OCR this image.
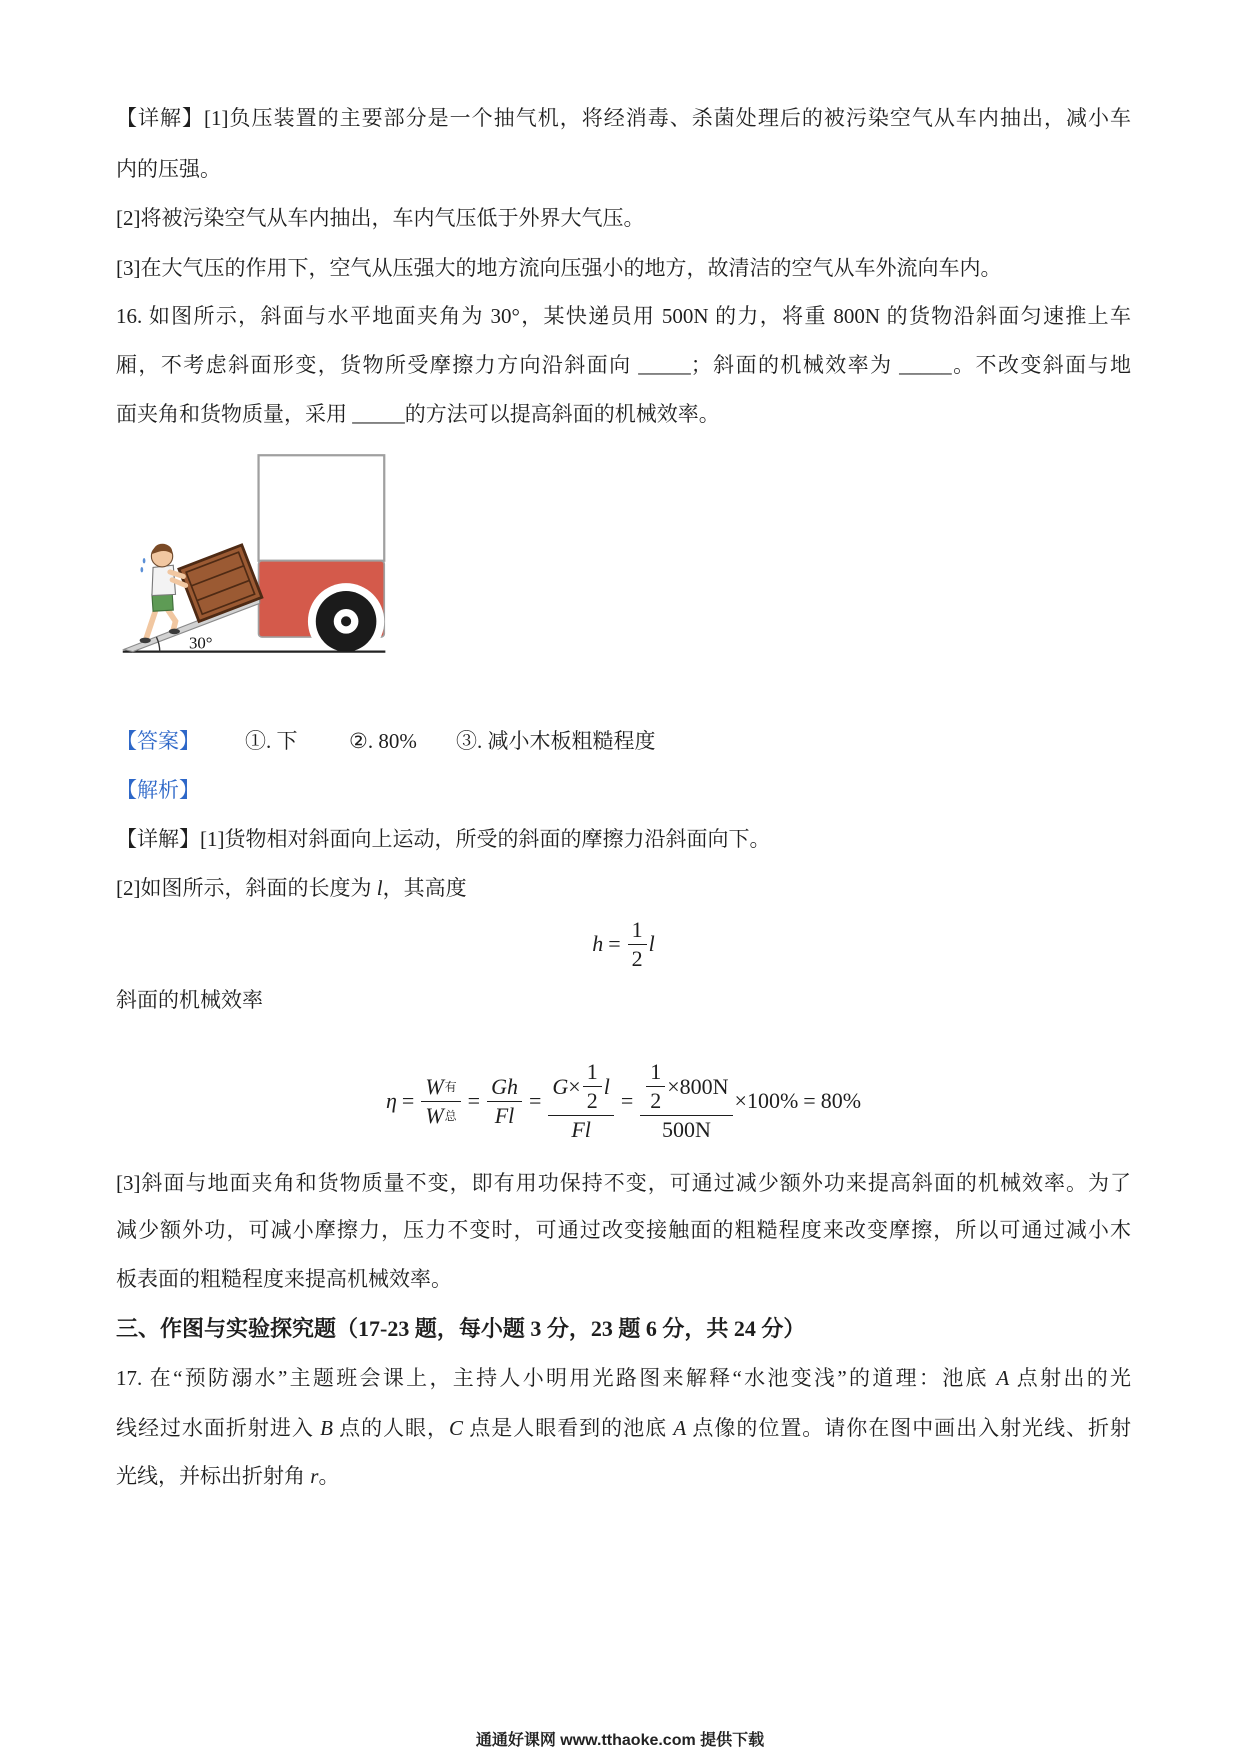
【详解】[1]负压装置的主要部分是一个抽气机，将经消毒、杀菌处理后的被污染空气从车内抽出，减小车
内的压强。
[2]将被污染空气从车内抽出，车内气压低于外界大气压。
[3]在大气压的作用下，空气从压强大的地方流向压强小的地方，故清洁的空气从车外流向车内。
16. 如图所示，斜面与水平地面夹角为 30°，某快递员用 500N 的力，将重 800N 的货物沿斜面匀速推上车
厢，不考虑斜面形变，货物所受摩擦力方向沿斜面向 _____；斜面的机械效率为 _____。不改变斜面与地
面夹角和货物质量，采用 _____的方法可以提高斜面的机械效率。
30°
【答案】 ①. 下 ②. 80% ③. 减小木板粗糙程度
【解析】
【详解】[1]货物相对斜面向上运动，所受的斜面的摩擦力沿斜面向下。
[2]如图所示，斜面的长度为 l，其高度
$h = \frac{1}{2}$ l
斜面的机械效率
$\eta = \frac{\text{W 有}}{\text{W 总}} = \frac{Gh}{Fl} = \frac{G \times \frac{1}{2} l}{Fl} = \frac{\frac{1}{2} \times 800N}{500N} \times 100\% = 80\%$
[3]斜面与地面夹角和货物质量不变，即有用功保持不变，可通过减少额外功来提高斜面的机械效率。为了
减少额外功，可减小摩擦力，压力不变时，可通过改变接触面的粗糙程度来改变摩擦，所以可通过减小木
板表面的粗糙程度来提高机械效率。
三、作图与实验探究题（17-23 题，每小题 3 分，23 题 6 分，共 24 分）
17. 在“预防溺水”主题班会课上，主持人小明用光路图来解释“水池变浅”的道理：池底 A 点射出的光
线经过水面折射进入 B 点的人眼，C 点是人眼看到的池底 A 点像的位置。请你在图中画出入射光线、折射
光线，并标出折射角 r。
通通好课网 www.tthaoke.com 提供下载
